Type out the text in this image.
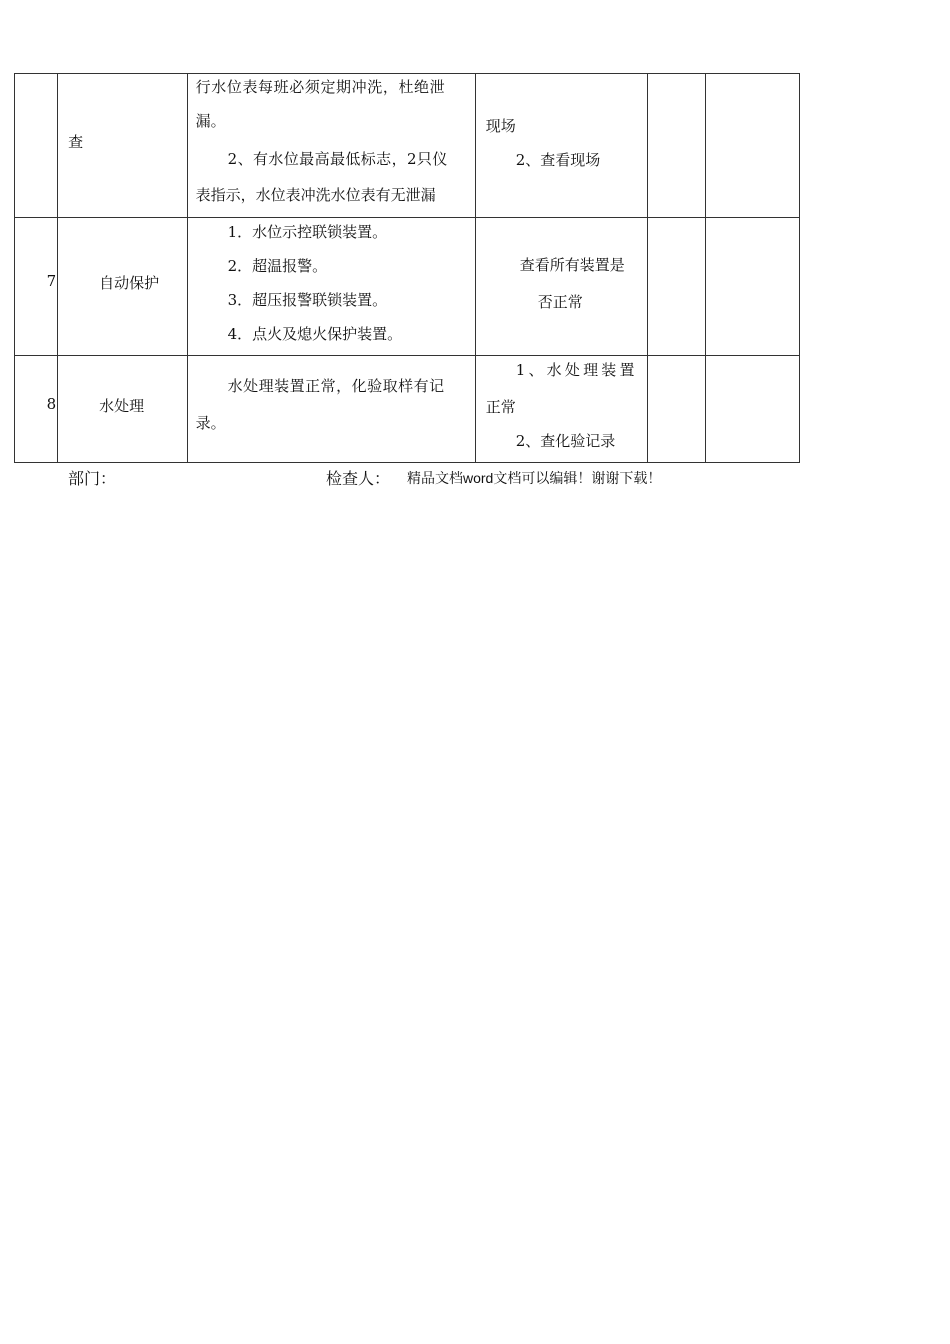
	查	行水位表每班必须定期冲洗，杜绝泄
漏。
2、有水位最高最低标志，2只仪
表指示，水位表冲洗水位表有无泄漏	现场
2、查看现场		

7	自动保护	1．水位示控联锁装置。
2．超温报警。
3．超压报警联锁装置。
4．点火及熄火保护装置。	查看所有装置是
否正常		

8	水处理	水处理装置正常，化验取样有记
录。	1、水处理装置
正常
2、查化验记录		

部门：	检查人： 精品文档word文档可以编辑！谢谢下载！
